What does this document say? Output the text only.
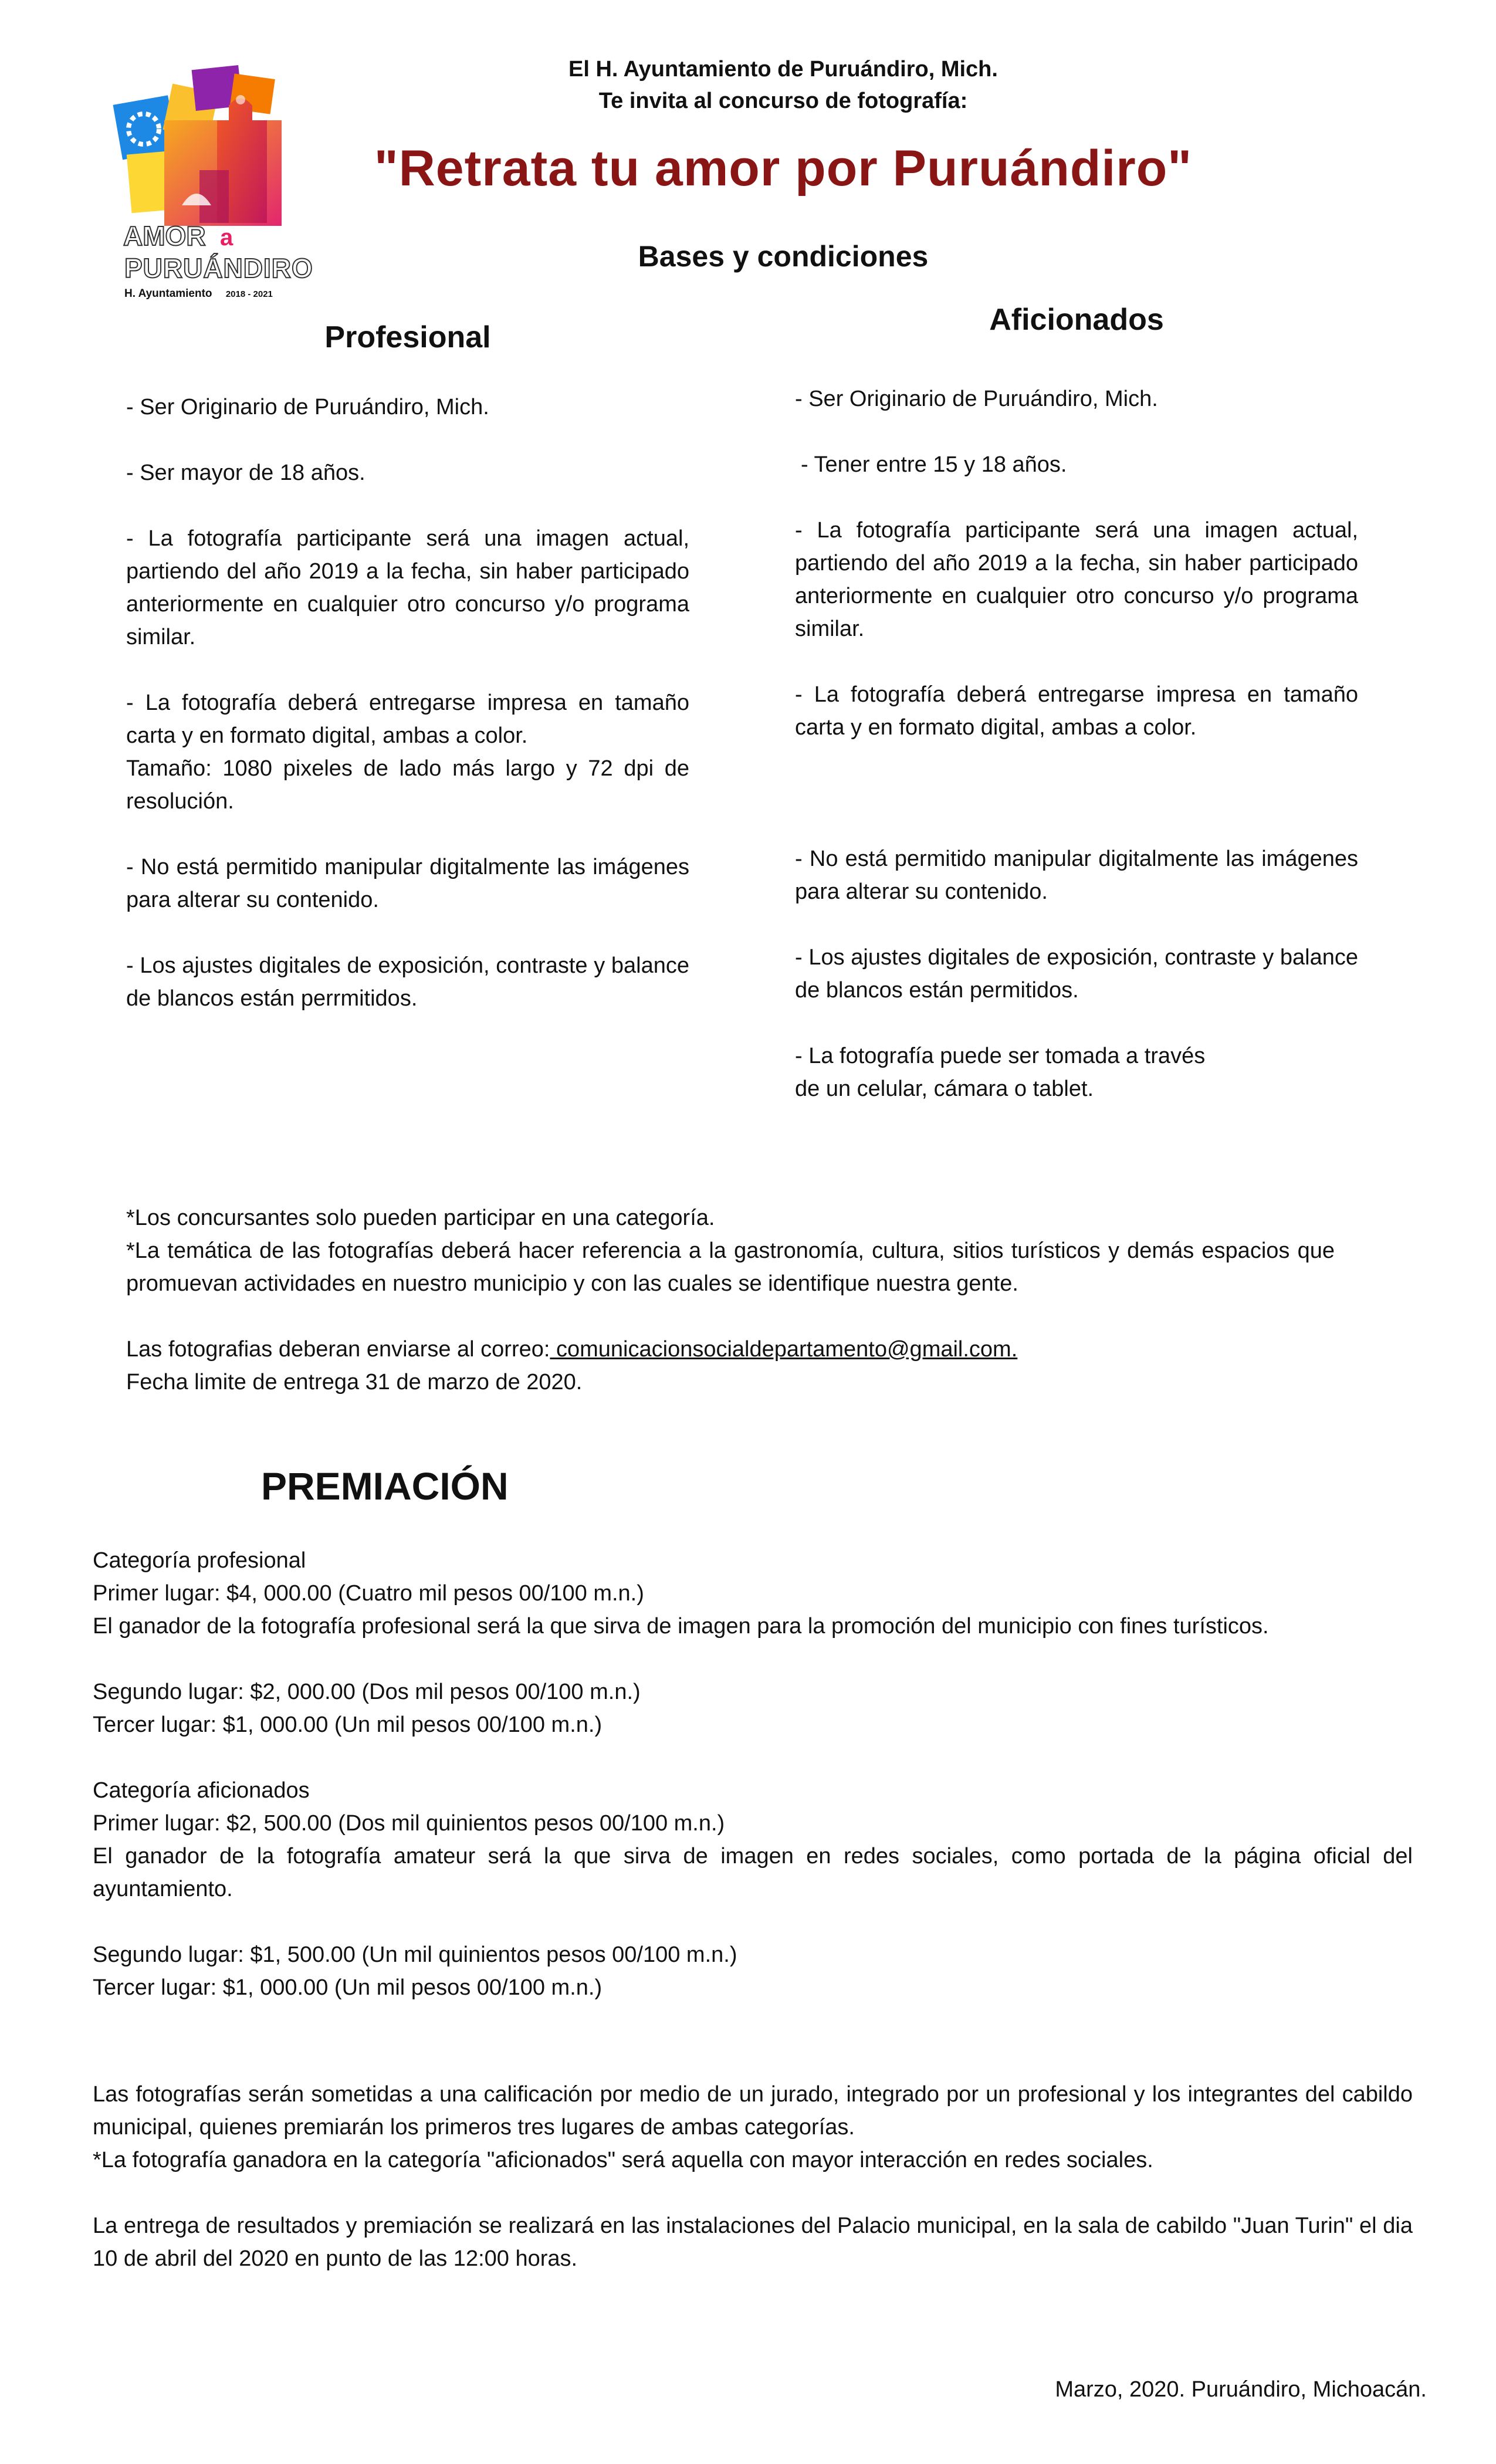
AMOR a
PURUÁNDIRO
H. Ayuntamiento 2018 - 2021
El H. Ayuntamiento de Puruándiro, Mich.
Te invita al concurso de fotografía:
"Retrata tu amor por Puruándiro"
Bases y condiciones
Profesional

- Ser Originario de Puruándiro, Mich.

- Ser mayor de 18 años.

- La fotografía participante será una imagen actual, partiendo del año 2019 a la fecha, sin haber participado anteriormente en cualquier otro concurso y/o programa similar.

- La fotografía deberá entregarse impresa en tamaño carta y en formato digital, ambas a color.

Tamaño: 1080 pixeles de lado más largo y 72 dpi de resolución.

- No está permitido manipular digitalmente las imágenes para alterar su contenido.

- Los ajustes digitales de exposición, contraste y balance de blancos están perrmitidos.

Aficionados

- Ser Originario de Puruándiro, Mich.

- Tener entre 15 y 18 años.

- La fotografía participante será una imagen actual, partiendo del año 2019 a la fecha, sin haber participado anteriormente en cualquier otro concurso y/o programa similar.

- La fotografía deberá entregarse impresa en tamaño carta y en formato digital, ambas a color.

- No está permitido manipular digitalmente las imágenes para alterar su contenido.

- Los ajustes digitales de exposición, contraste y balance de blancos están permitidos.

- La fotografía puede ser tomada a través

de un celular, cámara o tablet.

*Los concursantes solo pueden participar en una categoría.

*La temática de las fotografías deberá hacer referencia a la gastronomía, cultura, sitios turísticos y demás espacios que promuevan actividades en nuestro municipio y con las cuales se identifique nuestra gente.

Las fotografias deberan enviarse al correo: comunicacionsocialdepartamento@gmail.com.

Fecha limite de entrega 31 de marzo de 2020.

PREMIACIÓN

Categoría profesional

Primer lugar: $4, 000.00 (Cuatro mil pesos 00/100 m.n.)

El ganador de la fotografía profesional será la que sirva de imagen para la promoción del municipio con fines turísticos.

Segundo lugar: $2, 000.00 (Dos mil pesos 00/100 m.n.)

Tercer lugar: $1, 000.00 (Un mil pesos 00/100 m.n.)

Categoría aficionados

Primer lugar: $2, 500.00 (Dos mil quinientos pesos 00/100 m.n.)

El ganador de la fotografía amateur será la que sirva de imagen en redes sociales, como portada de la página oficial del ayuntamiento.

Segundo lugar: $1, 500.00 (Un mil quinientos pesos 00/100 m.n.)

Tercer lugar: $1, 000.00 (Un mil pesos 00/100 m.n.)

Las fotografías serán sometidas a una calificación por medio de un jurado, integrado por un profesional y los integrantes del cabildo municipal, quienes premiarán los primeros tres lugares de ambas categorías.

*La fotografía ganadora en la categoría "aficionados" será aquella con mayor interacción en redes sociales.

La entrega de resultados y premiación se realizará en las instalaciones del Palacio municipal, en la sala de cabildo "Juan Turin" el dia 10 de abril del 2020 en punto de las 12:00 horas.

Marzo, 2020. Puruándiro, Michoacán.
